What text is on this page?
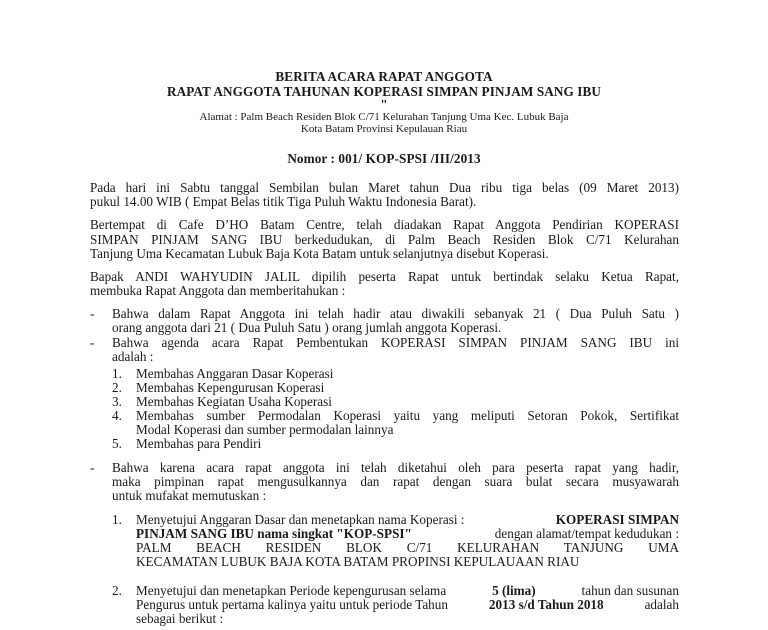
BERITA ACARA RAPAT ANGGOTA
RAPAT ANGGOTA TAHUNAN KOPERASI SIMPAN PINJAM SANG IBU
"
Alamat : Palm Beach Residen Blok C/71 Kelurahan Tanjung Uma Kec. Lubuk Baja
Kota Batam Provinsi Kepulauan Riau
Nomor : 001/ KOP-SPSI /III/2013
Pada hari ini Sabtu tanggal Sembilan bulan Maret tahun Dua ribu tiga belas (09 Maret 2013)
pukul 14.00 WIB ( Empat Belas titik Tiga Puluh Waktu Indonesia Barat).
Bertempat di Cafe D’HO Batam Centre, telah diadakan Rapat Anggota Pendirian KOPERASI
SIMPAN PINJAM SANG IBU berkedudukan, di Palm Beach Residen Blok C/71 Kelurahan
Tanjung Uma Kecamatan Lubuk Baja Kota Batam untuk selanjutnya disebut Koperasi.
Bapak ANDI WAHYUDIN JALIL dipilih peserta Rapat untuk bertindak selaku Ketua Rapat,
membuka Rapat Anggota dan memberitahukan :
- Bahwa dalam Rapat Anggota ini telah hadir atau diwakili sebanyak 21 ( Dua Puluh Satu )
orang anggota dari 21 ( Dua Puluh Satu ) orang jumlah anggota Koperasi.
- Bahwa agenda acara Rapat Pembentukan KOPERASI SIMPAN PINJAM SANG IBU ini
adalah :
1. Membahas Anggaran Dasar Koperasi
2. Membahas Kepengurusan Koperasi
3. Membahas Kegiatan Usaha Koperasi
4. Membahas sumber Permodalan Koperasi yaitu yang meliputi Setoran Pokok, Sertifikat
Modal Koperasi dan sumber permodalan lainnya
5. Membahas para Pendiri
- Bahwa karena acara rapat anggota ini telah diketahui oleh para peserta rapat yang hadir,
maka pimpinan rapat mengusulkannya dan rapat dengan suara bulat secara musyawarah
untuk mufakat memutuskan :
1. Menyetujui Anggaran Dasar dan menetapkan nama Koperasi :	KOPERASI SIMPAN
PINJAM SANG IBU nama singkat "KOP-SPSI"	dengan alamat/tempat kedudukan :
PALM BEACH RESIDEN BLOK C/71 KELURAHAN TANJUNG UMA
KECAMATAN LUBUK BAJA KOTA BATAM PROPINSI KEPULAUAAN RIAU
2. Menyetujui dan menetapkan Periode kepengurusan selama	5 (lima)	tahun dan susunan
Pengurus untuk pertama kalinya yaitu untuk periode Tahun	2013 s/d Tahun 2018	adalah
sebagai berikut :
